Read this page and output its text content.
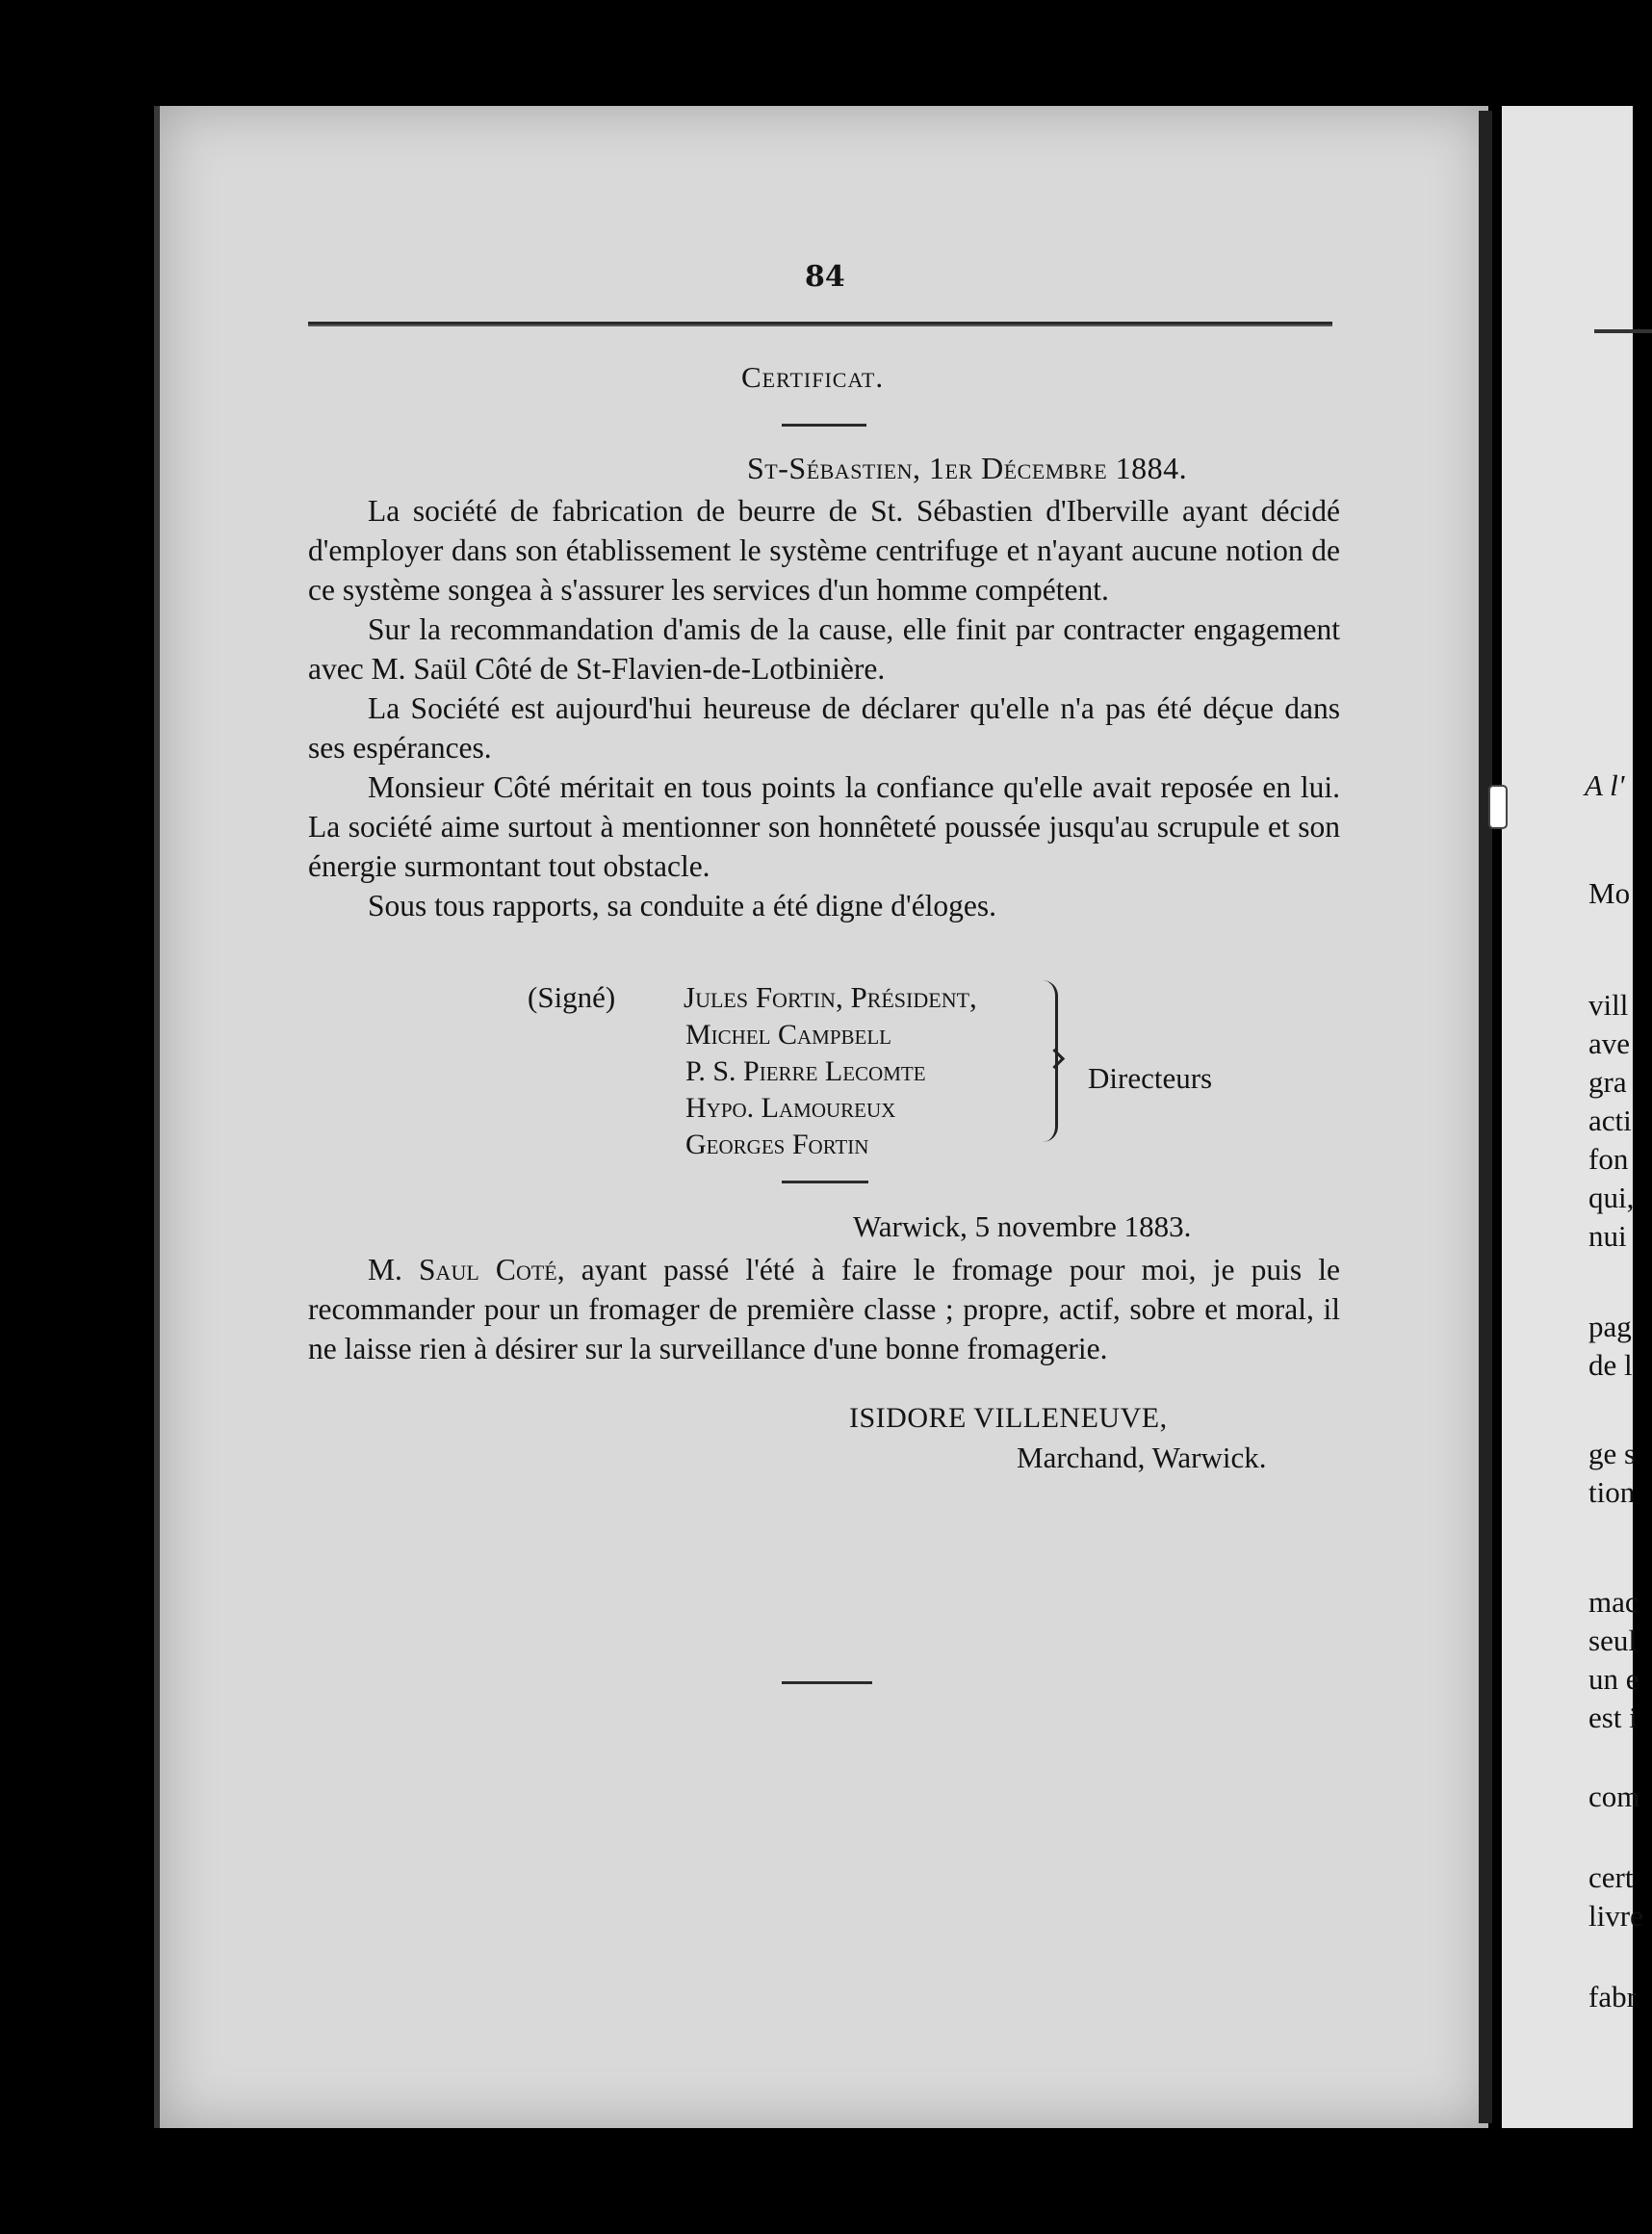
A l'
Mo
vill
ave
gra
acti
fon
qui,
nui
pag
de l
ge s
tion
mac
seul
un e
est i
com
cert
livre
fabr
84
Certificat.
St-Sébastien, 1er Décembre 1884.

La société de fabrication de beurre de St. Sébastien d'Iberville ayant décidé d'employer dans son établissement le système centrifuge et n'ayant aucune notion de ce système songea à s'assurer les services d'un homme compétent.

Sur la recommandation d'amis de la cause, elle finit par contracter engagement avec M. Saül Côté de St-Flavien-de-Lotbinière.

La Société est aujourd'hui heureuse de déclarer qu'elle n'a pas été déçue dans ses espérances.

Monsieur Côté méritait en tous points la confiance qu'elle avait reposée en lui. La société aime surtout à mentionner son honnêteté poussée jusqu'au scrupule et son énergie surmontant tout obstacle.

Sous tous rapports, sa conduite a été digne d'éloges.

(Signé) Jules Fortin, Président,
Michel Campbell
P. S. Pierre Lecomte
Hypo. Lamoureux
Georges Fortin
Directeurs
Warwick, 5 novembre 1883.

M. Saul Coté, ayant passé l'été à faire le fromage pour moi, je puis le recommander pour un fromager de première classe ; propre, actif, sobre et moral, il ne laisse rien à désirer sur la surveillance d'une bonne fromagerie.

ISIDORE VILLENEUVE,
Marchand, Warwick.
